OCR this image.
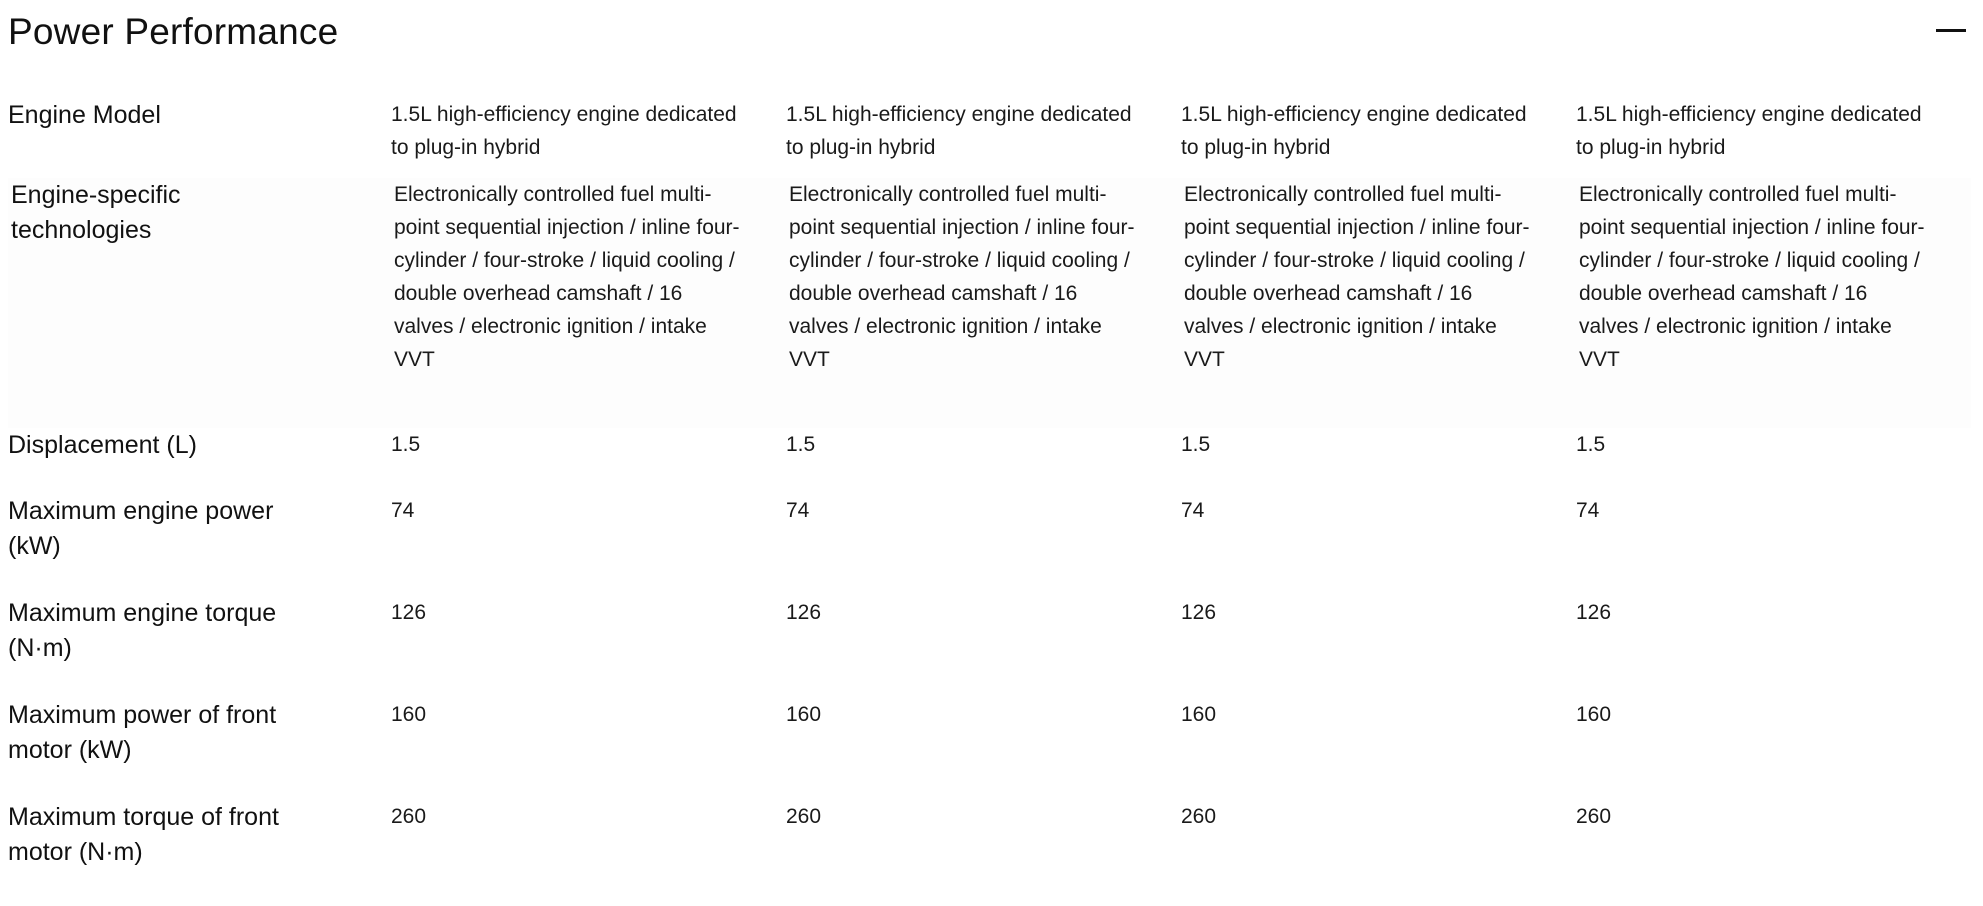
Power Performance
Engine Model	1.5L high-efficiency engine dedicated to plug-in hybrid	1.5L high-efficiency engine dedicated to plug-in hybrid	1.5L high-efficiency engine dedicated to plug-in hybrid	1.5L high-efficiency engine dedicated to plug-in hybrid

Engine-specific technologies	Electronically controlled fuel multi-point sequential injection / inline four-cylinder / four-stroke / liquid cooling / double overhead camshaft / 16 valves / electronic ignition / intake VVT	Electronically controlled fuel multi-point sequential injection / inline four-cylinder / four-stroke / liquid cooling / double overhead camshaft / 16 valves / electronic ignition / intake VVT	Electronically controlled fuel multi-point sequential injection / inline four-cylinder / four-stroke / liquid cooling / double overhead camshaft / 16 valves / electronic ignition / intake VVT	Electronically controlled fuel multi-point sequential injection / inline four-cylinder / four-stroke / liquid cooling / double overhead camshaft / 16 valves / electronic ignition / intake VVT

Displacement (L)	1.5	1.5	1.5	1.5

Maximum engine power (kW)	74	74	74	74

Maximum engine torque (N·m)	126	126	126	126

Maximum power of front motor (kW)	160	160	160	160

Maximum torque of front motor (N·m)	260	260	260	260
